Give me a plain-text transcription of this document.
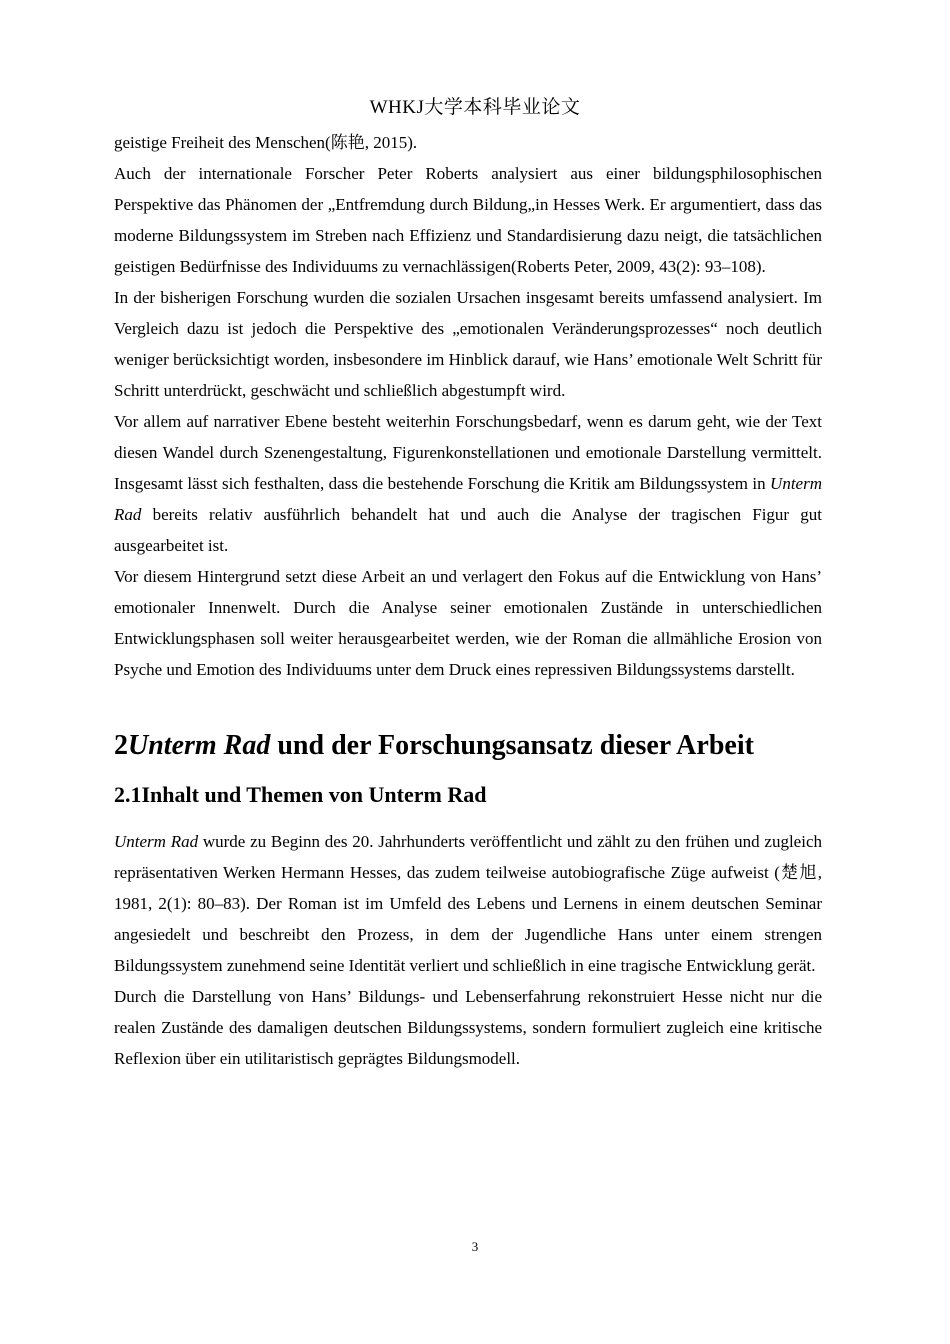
WHKJ大学本科毕业论文

geistige Freiheit des Menschen(陈艳, 2015).

Auch der internationale Forscher Peter Roberts analysiert aus einer bildungsphilosophischen Perspektive das Phänomen der „Entfremdung durch Bildung„in Hesses Werk. Er argumentiert, dass das moderne Bildungssystem im Streben nach Effizienz und Standardisierung dazu neigt, die tatsächlichen geistigen Bedürfnisse des Individuums zu vernachlässigen(Roberts Peter, 2009, 43(2): 93–108).

In der bisherigen Forschung wurden die sozialen Ursachen insgesamt bereits umfassend analysiert. Im Vergleich dazu ist jedoch die Perspektive des „emotionalen Veränderungsprozesses“ noch deutlich weniger berücksichtigt worden, insbesondere im Hinblick darauf, wie Hans’ emotionale Welt Schritt für Schritt unterdrückt, geschwächt und schließlich abgestumpft wird.

Vor allem auf narrativer Ebene besteht weiterhin Forschungsbedarf, wenn es darum geht, wie der Text diesen Wandel durch Szenengestaltung, Figurenkonstellationen und emotionale Darstellung vermittelt. Insgesamt lässt sich festhalten, dass die bestehende Forschung die Kritik am Bildungssystem in Unterm Rad bereits relativ ausführlich behandelt hat und auch die Analyse der tragischen Figur gut ausgearbeitet ist.

Vor diesem Hintergrund setzt diese Arbeit an und verlagert den Fokus auf die Entwicklung von Hans’ emotionaler Innenwelt. Durch die Analyse seiner emotionalen Zustände in unterschiedlichen Entwicklungsphasen soll weiter herausgearbeitet werden, wie der Roman die allmähliche Erosion von Psyche und Emotion des Individuums unter dem Druck eines repressiven Bildungssystems darstellt.

2Unterm Rad und der Forschungsansatz dieser Arbeit
2.1Inhalt und Themen von Unterm Rad

Unterm Rad wurde zu Beginn des 20. Jahrhunderts veröffentlicht und zählt zu den frühen und zugleich repräsentativen Werken Hermann Hesses, das zudem teilweise autobiografische Züge aufweist (楚旭, 1981, 2(1): 80–83). Der Roman ist im Umfeld des Lebens und Lernens in einem deutschen Seminar angesiedelt und beschreibt den Prozess, in dem der Jugendliche Hans unter einem strengen Bildungssystem zunehmend seine Identität verliert und schließlich in eine tragische Entwicklung gerät.

Durch die Darstellung von Hans’ Bildungs- und Lebenserfahrung rekonstruiert Hesse nicht nur die realen Zustände des damaligen deutschen Bildungssystems, sondern formuliert zugleich eine kritische Reflexion über ein utilitaristisch geprägtes Bildungsmodell.

3
